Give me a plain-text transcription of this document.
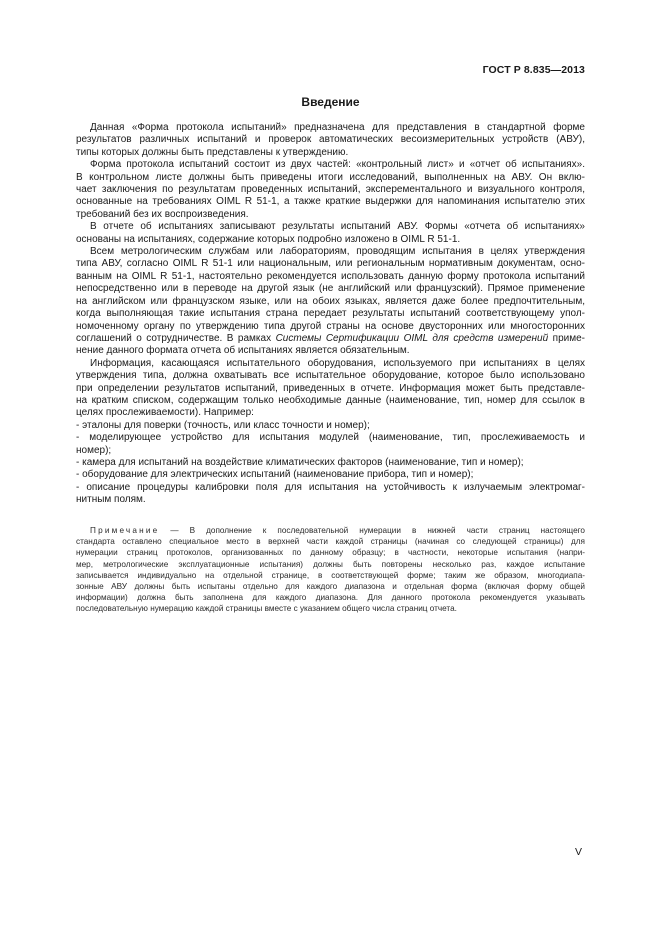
ГОСТ Р 8.835—2013
Введение
Данная «Форма протокола испытаний» предназначена для представления в стандартной форме
результатов различных испытаний и проверок автоматических весоизмерительных устройств (АВУ),
типы которых должны быть представлены к утверждению.
Форма протокола испытаний состоит из двух частей: «контрольный лист» и «отчет об испытаниях».
В контрольном листе должны быть приведены итоги исследований, выполненных на АВУ. Он вклю-
чает заключения по результатам проведенных испытаний, эксперементального и визуального контроля,
основанные на требованиях OIML R 51-1, а также краткие выдержки для напоминания испытателю этих
требований без их воспроизведения.
В отчете об испытаниях записывают результаты испытаний АВУ. Формы «отчета об испытаниях»
основаны на испытаниях, содержание которых подробно изложено в OIML R 51-1.
Всем метрологическим службам или лабораториям, проводящим испытания в целях утверждения
типа АВУ, согласно OIML R 51-1 или национальным, или региональным нормативным документам, осно-
ванным на OIML R 51-1, настоятельно рекомендуется использовать данную форму протокола испытаний
непосредственно или в переводе на другой язык (не английский или французский). Прямое применение
на английском или французском языке, или на обоих языках, является даже более предпочтительным,
когда выполняющая такие испытания страна передает результаты испытаний соответствующему упол-
номоченному органу по утверждению типа другой страны на основе двусторонних или многосторонних
соглашений о сотрудничестве. В рамках Системы Сертификации OIML для средств измерений приме-
нение данного формата отчета об испытаниях является обязательным.
Информация, касающаяся испытательного оборудования, используемого при испытаниях в целях
утверждения типа, должна охватывать все испытательное оборудование, которое было использовано
при определении результатов испытаний, приведенных в отчете. Информация может быть представле-
на кратким списком, содержащим только необходимые данные (наименование, тип, номер для ссылок в
целях прослеживаемости). Например:
- эталоны для поверки (точность, или класс точности и номер);
- моделирующее устройство для испытания модулей (наименование, тип, прослеживаемость и
номер);
- камера для испытаний на воздействие климатических факторов (наименование, тип и номер);
- оборудование для электрических испытаний (наименование прибора, тип и номер);
- описание процедуры калибровки поля для испытания на устойчивость к излучаемым электромаг-
нитным полям.
Примечание — В дополнение к последовательной нумерации в нижней части страниц настоящего
стандарта оставлено специальное место в верхней части каждой страницы (начиная со следующей страницы) для
нумерации страниц протоколов, организованных по данному образцу; в частности, некоторые испытания (напри-
мер, метрологические эксплуатационные испытания) должны быть повторены несколько раз, каждое испытание
записывается индивидуально на отдельной странице, в соответствующей форме; таким же образом, многодиапа-
зонные АВУ должны быть испытаны отдельно для каждого диапазона и отдельная форма (включая форму общей
информации) должна быть заполнена для каждого диапазона. Для данного протокола рекомендуется указывать
последовательную нумерацию каждой страницы вместе с указанием общего числа страниц отчета.
V
